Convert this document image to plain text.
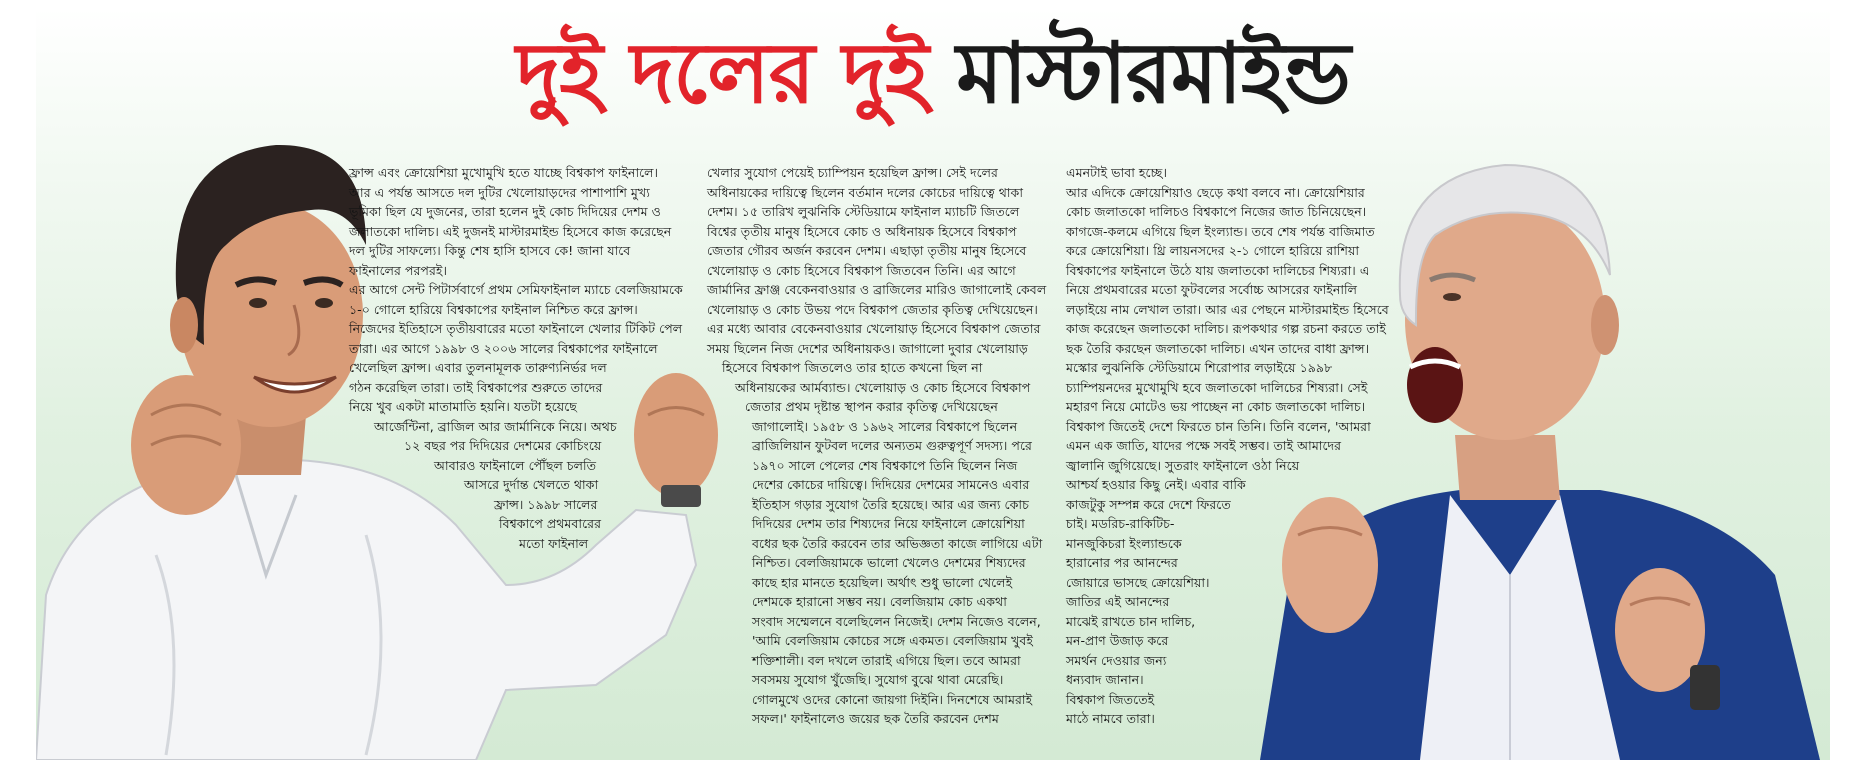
দুই দলের দুই মাস্টারমাইন্ড
ফ্রান্স এবং ক্রোয়েশিয়া মুখোমুখি হতে যাচ্ছে বিশ্বকাপ ফাইনালে।
আর এ পর্যন্ত আসতে দল দুটির খেলোয়াড়দের পাশাপাশি মুখ্য
ভূমিকা ছিল যে দুজনের, তারা হলেন দুই কোচ দিদিয়ের দেশম ও
জলাতকো দালিচ। এই দুজনই মাস্টারমাইন্ড হিসেবে কাজ করেছেন
দল দুটির সাফল্যে। কিন্তু শেষ হাসি হাসবে কে! জানা যাবে
ফাইনালের পরপরই।
এর আগে সেন্ট পিটার্সবার্গে প্রথম সেমিফাইনাল ম্যাচে বেলজিয়ামকে
১-০ গোলে হারিয়ে বিশ্বকাপের ফাইনাল নিশ্চিত করে ফ্রান্স।
নিজেদের ইতিহাসে তৃতীয়বারের মতো ফাইনালে খেলার টিকিট পেল
তারা। এর আগে ১৯৯৮ ও ২০০৬ সালের বিশ্বকাপের ফাইনালে
খেলেছিল ফ্রান্স। এবার তুলনামূলক তারুণ্যনির্ভর দল
গঠন করেছিল তারা। তাই বিশ্বকাপের শুরুতে তাদের
নিয়ে খুব একটা মাতামাতি হয়নি। যতটা হয়েছে
আর্জেন্টিনা, ব্রাজিল আর জার্মানিকে নিয়ে। অথচ
১২ বছর পর দিদিয়ের দেশমের কোচিংয়ে
আবারও ফাইনালে পৌঁছল চলতি
আসরে দুর্দান্ত খেলতে থাকা
ফ্রান্স। ১৯৯৮ সালের
বিশ্বকাপে প্রথমবারের
মতো ফাইনাল
খেলার সুযোগ পেয়েই চ্যাম্পিয়ন হয়েছিল ফ্রান্স। সেই দলের
অধিনায়কের দায়িত্বে ছিলেন বর্তমান দলের কোচের দায়িত্বে থাকা
দেশম। ১৫ তারিখ লুঝনিকি স্টেডিয়ামে ফাইনাল ম্যাচটি জিতলে
বিশ্বের তৃতীয় মানুষ হিসেবে কোচ ও অধিনায়ক হিসেবে বিশ্বকাপ
জেতার গৌরব অর্জন করবেন দেশম। এছাড়া তৃতীয় মানুষ হিসেবে
খেলোয়াড় ও কোচ হিসেবে বিশ্বকাপ জিতবেন তিনি। এর আগে
জার্মানির ফ্রাঞ্জ বেকেনবাওয়ার ও ব্রাজিলের মারিও জাগালোই কেবল
খেলোয়াড় ও কোচ উভয় পদে বিশ্বকাপ জেতার কৃতিত্ব দেখিয়েছেন।
এর মধ্যে আবার বেকেনবাওয়ার খেলোয়াড় হিসেবে বিশ্বকাপ জেতার
সময় ছিলেন নিজ দেশের অধিনায়কও। জাগালো দুবার খেলোয়াড়
হিসেবে বিশ্বকাপ জিতলেও তার হাতে কখনো ছিল না
অধিনায়কের আর্মব্যান্ড। খেলোয়াড় ও কোচ হিসেবে বিশ্বকাপ
জেতার প্রথম দৃষ্টান্ত স্থাপন করার কৃতিত্ব দেখিয়েছেন
জাগালোই। ১৯৫৮ ও ১৯৬২ সালের বিশ্বকাপে ছিলেন
ব্রাজিলিয়ান ফুটবল দলের অন্যতম গুরুত্বপূর্ণ সদস্য। পরে
১৯৭০ সালে পেলের শেষ বিশ্বকাপে তিনি ছিলেন নিজ
দেশের কোচের দায়িত্বে। দিদিয়ের দেশমের সামনেও এবার
ইতিহাস গড়ার সুযোগ তৈরি হয়েছে। আর এর জন্য কোচ
দিদিয়ের দেশম তার শিষ্যদের নিয়ে ফাইনালে ক্রোয়েশিয়া
বধের ছক তৈরি করবেন তার অভিজ্ঞতা কাজে লাগিয়ে এটা
নিশ্চিত। বেলজিয়ামকে ভালো খেলেও দেশমের শিষ্যদের
কাছে হার মানতে হয়েছিল। অর্থাৎ শুধু ভালো খেলেই
দেশমকে হারানো সম্ভব নয়। বেলজিয়াম কোচ একথা
সংবাদ সম্মেলনে বলেছিলেন নিজেই। দেশম নিজেও বলেন,
'আমি বেলজিয়াম কোচের সঙ্গে একমত। বেলজিয়াম খুবই
শক্তিশালী। বল দখলে তারাই এগিয়ে ছিল। তবে আমরা
সবসময় সুযোগ খুঁজেছি। সুযোগ বুঝে থাবা মেরেছি।
গোলমুখে ওদের কোনো জায়গা দিইনি। দিনশেষে আমরাই
সফল।' ফাইনালেও জয়ের ছক তৈরি করবেন দেশম
এমনটাই ভাবা হচ্ছে।
আর এদিকে ক্রোয়েশিয়াও ছেড়ে কথা বলবে না। ক্রোয়েশিয়ার
কোচ জলাতকো দালিচও বিশ্বকাপে নিজের জাত চিনিয়েছেন।
কাগজে-কলমে এগিয়ে ছিল ইংল্যান্ড। তবে শেষ পর্যন্ত বাজিমাত
করে ক্রোয়েশিয়া। থ্রি লায়নসদের ২-১ গোলে হারিয়ে রাশিয়া
বিশ্বকাপের ফাইনালে উঠে যায় জলাতকো দালিচের শিষ্যরা। এ
নিয়ে প্রথমবারের মতো ফুটবলের সর্বোচ্চ আসরের ফাইনালি
লড়াইয়ে নাম লেখাল তারা। আর এর পেছনে মাস্টারমাইন্ড হিসেবে
কাজ করেছেন জলাতকো দালিচ। রূপকথার গল্প রচনা করতে তাই
ছক তৈরি করছেন জলাতকো দালিচ। এখন তাদের বাধা ফ্রান্স।
মস্কোর লুঝনিকি স্টেডিয়ামে শিরোপার লড়াইয়ে ১৯৯৮
চ্যাম্পিয়নদের মুখোমুখি হবে জলাতকো দালিচের শিষ্যরা। সেই
মহারণ নিয়ে মোটেও ভয় পাচ্ছেন না কোচ জলাতকো দালিচ।
বিশ্বকাপ জিতেই দেশে ফিরতে চান তিনি। তিনি বলেন, 'আমরা
এমন এক জাতি, যাদের পক্ষে সবই সম্ভব। তাই আমাদের
জ্বালানি জুগিয়েছে। সুতরাং ফাইনালে ওঠা নিয়ে
আশ্চর্য হওয়ার কিছু নেই। এবার বাকি
কাজটুকু সম্পন্ন করে দেশে ফিরতে
চাই। মডরিচ-রাকিটিচ-
মানজুকিচরা ইংল্যান্ডকে
হারানোর পর আনন্দের
জোয়ারে ভাসছে ক্রোয়েশিয়া।
জাতির এই আনন্দের
মাঝেই রাখতে চান দালিচ,
মন-প্রাণ উজাড় করে
সমর্থন দেওয়ার জন্য
ধন্যবাদ জানান।
বিশ্বকাপ জিততেই
মাঠে নামবে তারা।
